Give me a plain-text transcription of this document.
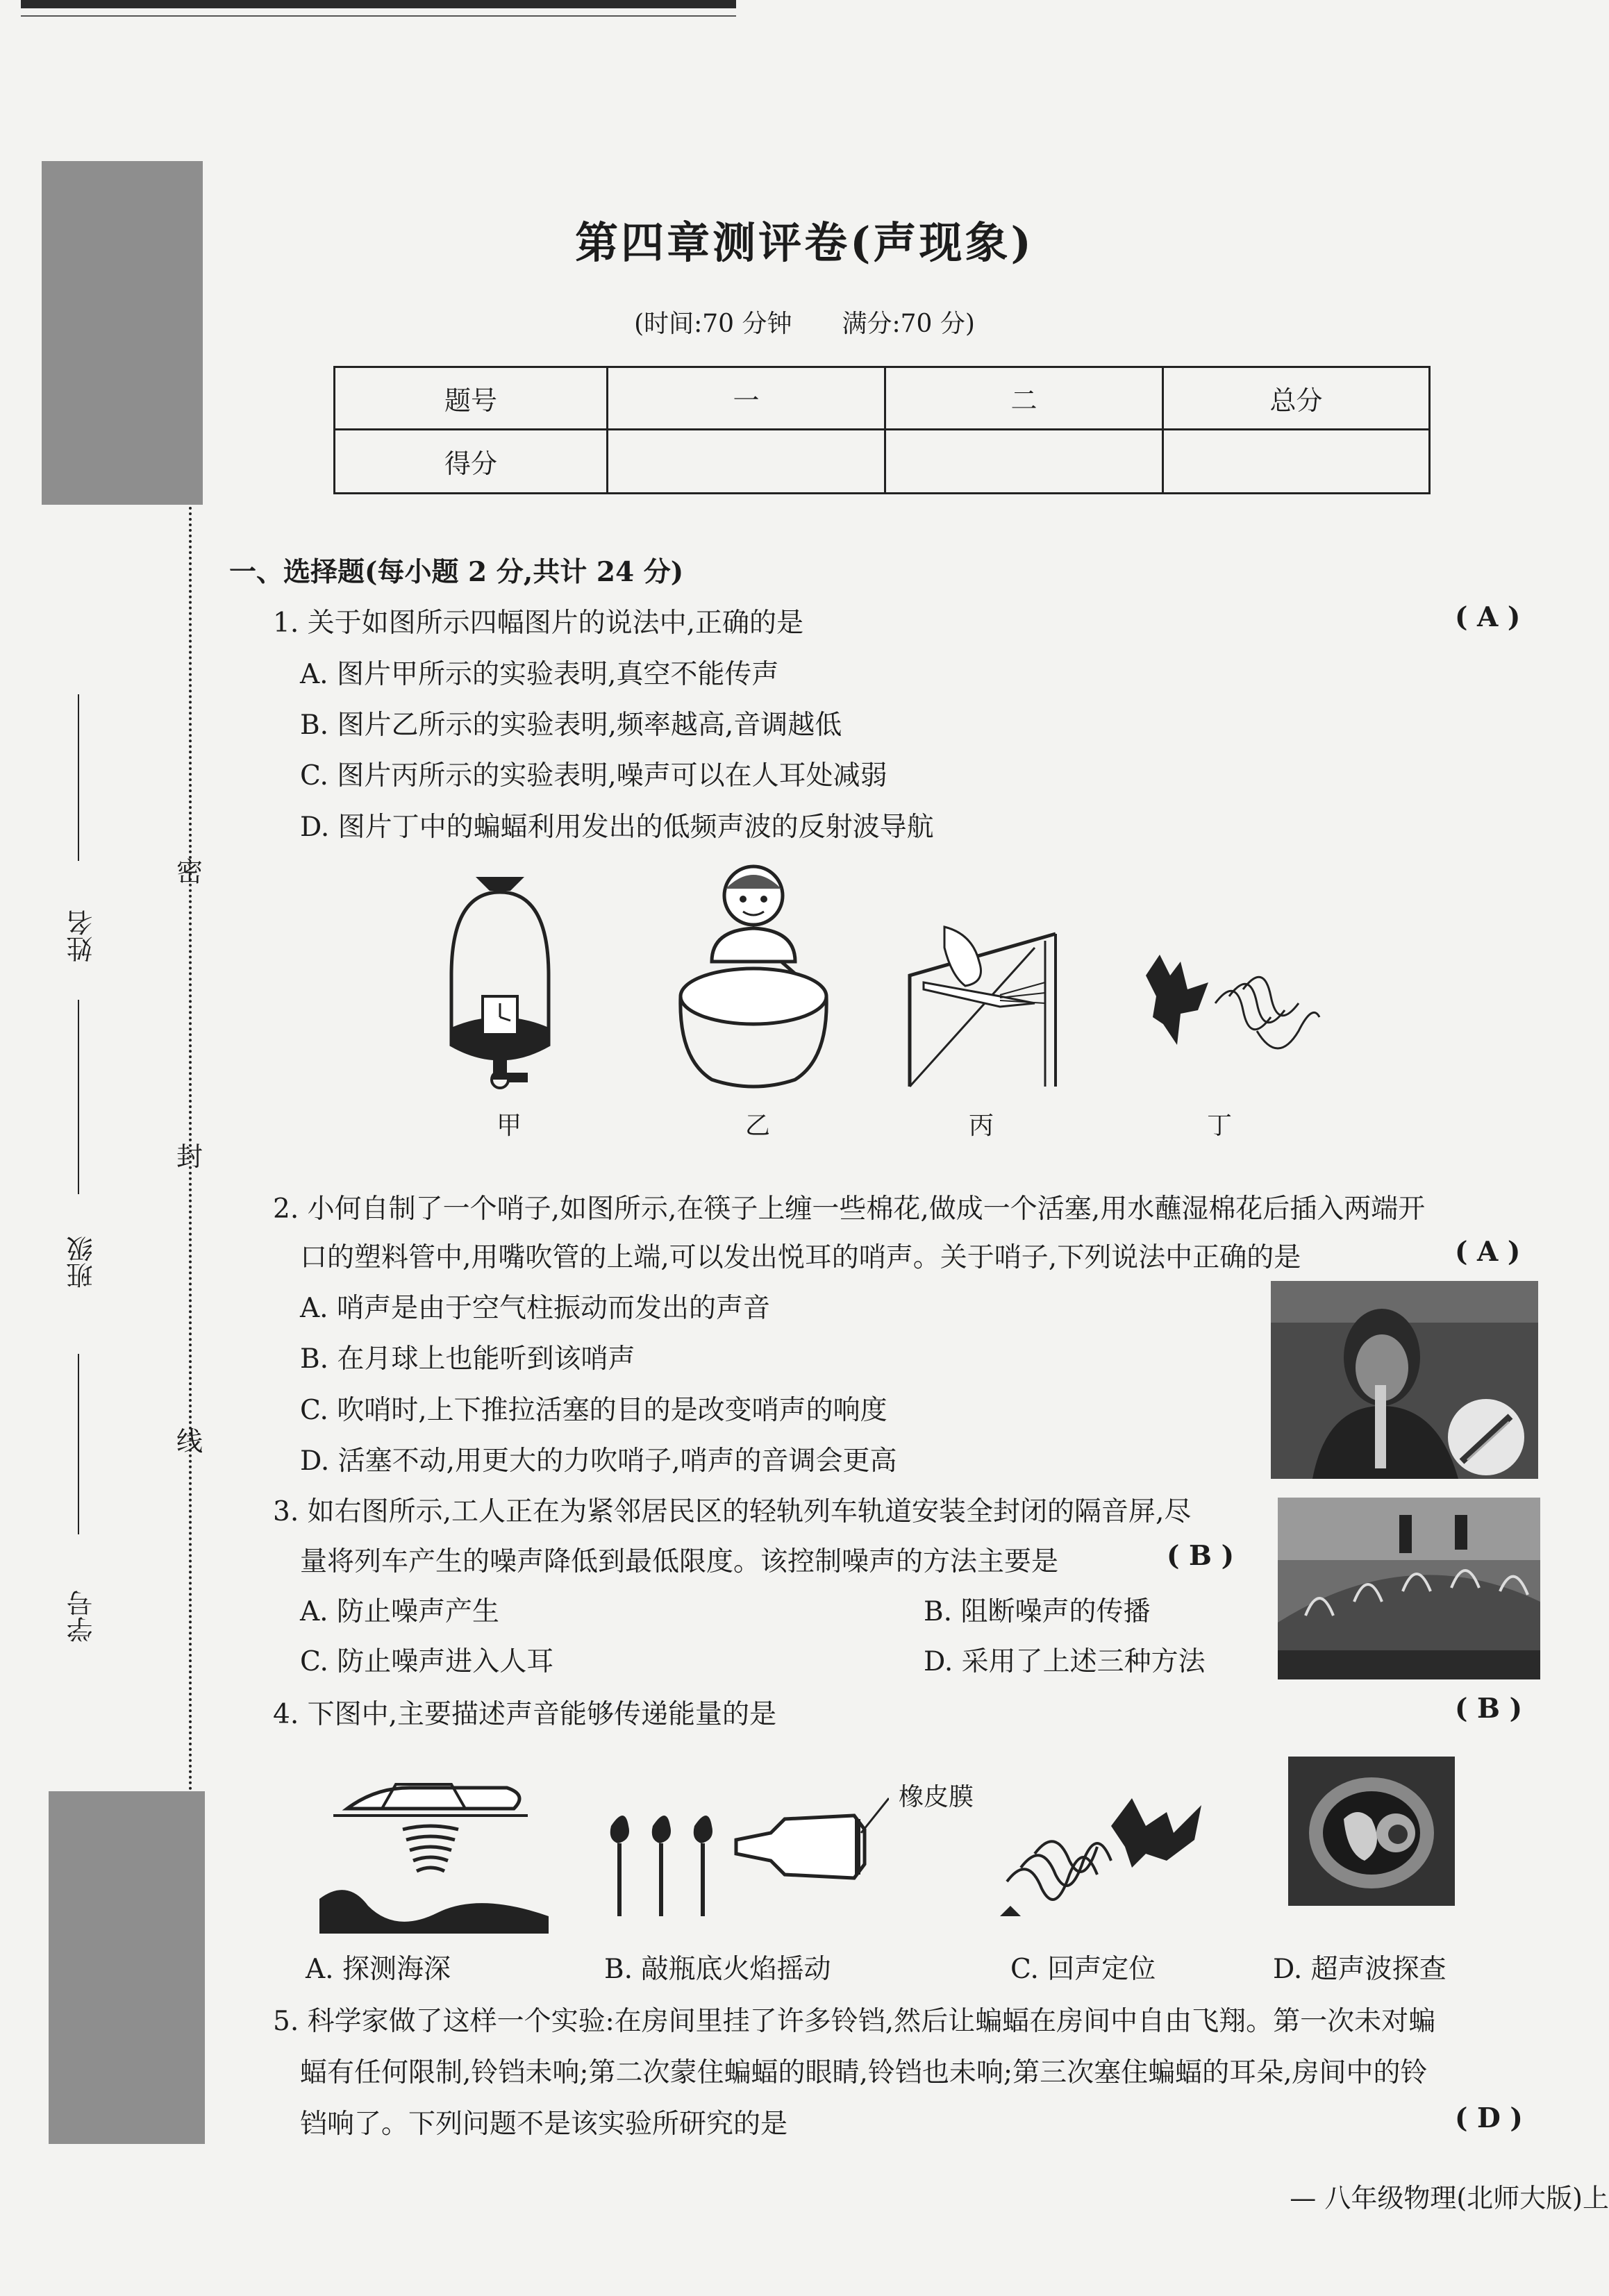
密
封
线
姓名
班级
学号
第四章测评卷(声现象)
(时间:70 分钟　　满分:70 分)
题号	一	二	总分
得分			
一、选择题(每小题 2 分,共计 24 分)
1. 关于如图所示四幅图片的说法中,正确的是	( A )
A. 图片甲所示的实验表明,真空不能传声
B. 图片乙所示的实验表明,频率越高,音调越低
C. 图片丙所示的实验表明,噪声可以在人耳处减弱
D. 图片丁中的蝙蝠利用发出的低频声波的反射波导航
甲	乙	丙	丁
2. 小何自制了一个哨子,如图所示,在筷子上缠一些棉花,做成一个活塞,用水蘸湿棉花后插入两端开
口的塑料管中,用嘴吹管的上端,可以发出悦耳的哨声。关于哨子,下列说法中正确的是	( A )
A. 哨声是由于空气柱振动而发出的声音
B. 在月球上也能听到该哨声
C. 吹哨时,上下推拉活塞的目的是改变哨声的响度
D. 活塞不动,用更大的力吹哨子,哨声的音调会更高
3. 如右图所示,工人正在为紧邻居民区的轻轨列车轨道安装全封闭的隔音屏,尽
量将列车产生的噪声降低到最低限度。该控制噪声的方法主要是	( B )
A. 防止噪声产生	B. 阻断噪声的传播
C. 防止噪声进入人耳	D. 采用了上述三种方法
4. 下图中,主要描述声音能够传递能量的是	( B )
橡皮膜
A. 探测海深	B. 敲瓶底火焰摇动	C. 回声定位	D. 超声波探查
5. 科学家做了这样一个实验:在房间里挂了许多铃铛,然后让蝙蝠在房间中自由飞翔。第一次未对蝙
蝠有任何限制,铃铛未响;第二次蒙住蝙蝠的眼睛,铃铛也未响;第三次塞住蝙蝠的耳朵,房间中的铃
铛响了。下列问题不是该实验所研究的是	( D )
— 八年级物理(北师大版)上
